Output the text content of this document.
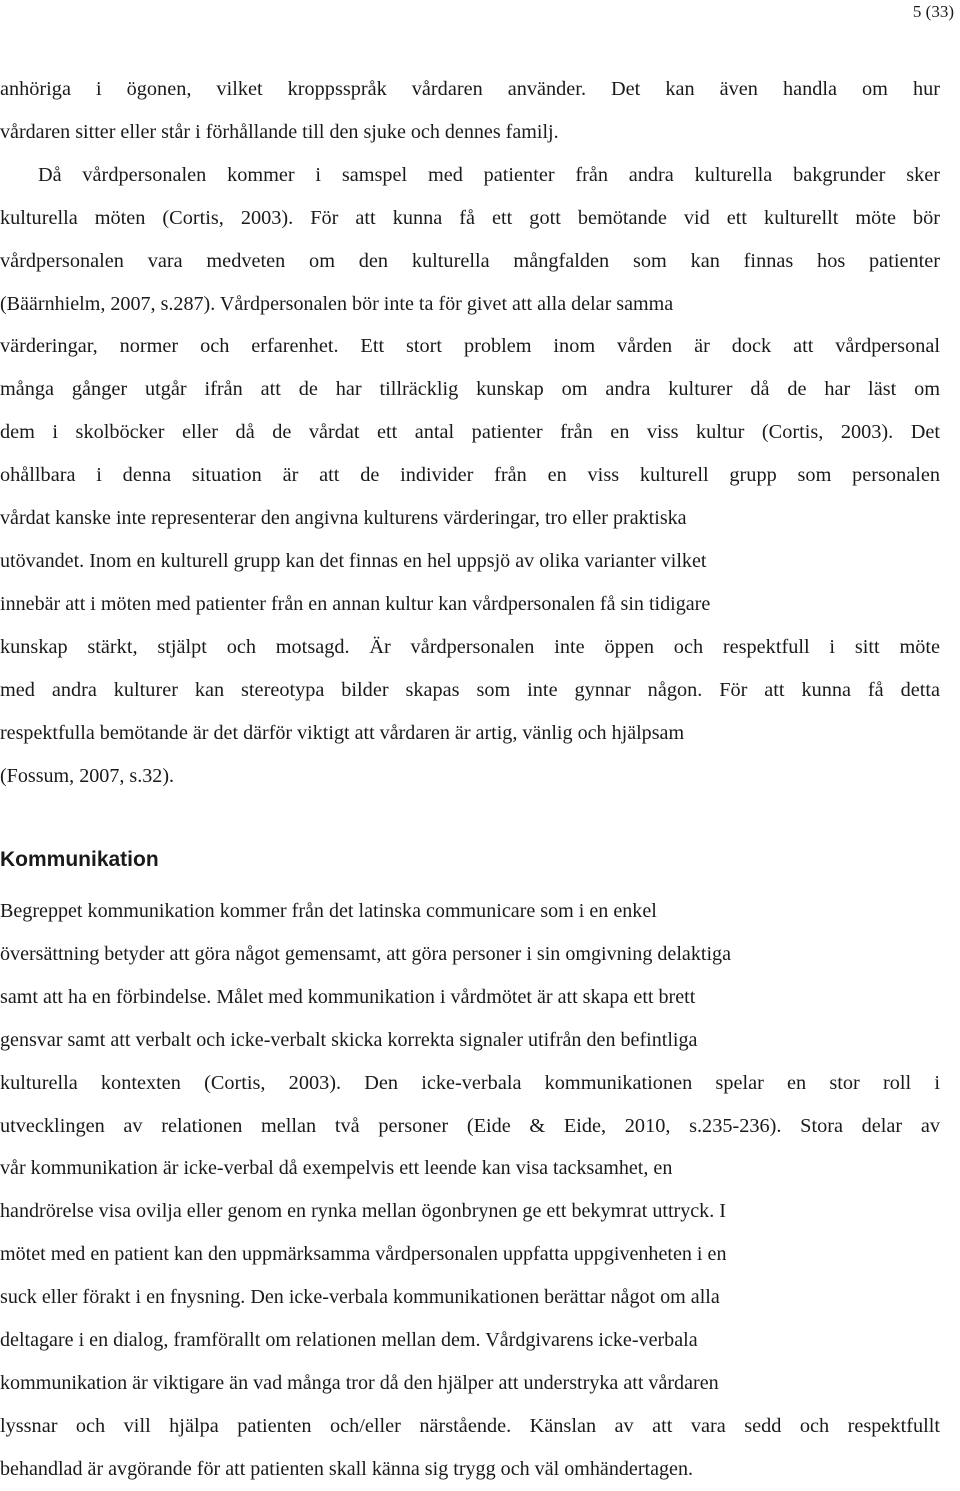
5 (33)
anhöriga i ögonen, vilket kroppsspråk vårdaren använder. Det kan även handla om hur
vårdaren sitter eller står i förhållande till den sjuke och dennes familj.
Då vårdpersonalen kommer i samspel med patienter från andra kulturella bakgrunder sker
kulturella möten (Cortis, 2003). För att kunna få ett gott bemötande vid ett kulturellt möte bör
vårdpersonalen vara medveten om den kulturella mångfalden som kan finnas hos patienter
(Bäärnhielm, 2007, s.287). Vårdpersonalen bör inte ta för givet att alla delar samma
värderingar, normer och erfarenhet. Ett stort problem inom vården är dock att vårdpersonal
många gånger utgår ifrån att de har tillräcklig kunskap om andra kulturer då de har läst om
dem i skolböcker eller då de vårdat ett antal patienter från en viss kultur (Cortis, 2003). Det
ohållbara i denna situation är att de individer från en viss kulturell grupp som personalen
vårdat kanske inte representerar den angivna kulturens värderingar, tro eller praktiska
utövandet. Inom en kulturell grupp kan det finnas en hel uppsjö av olika varianter vilket
innebär att i möten med patienter från en annan kultur kan vårdpersonalen få sin tidigare
kunskap stärkt, stjälpt och motsagd. Är vårdpersonalen inte öppen och respektfull i sitt möte
med andra kulturer kan stereotypa bilder skapas som inte gynnar någon. För att kunna få detta
respektfulla bemötande är det därför viktigt att vårdaren är artig, vänlig och hjälpsam
(Fossum, 2007, s.32).
Kommunikation
Begreppet kommunikation kommer från det latinska communicare som i en enkel
översättning betyder att göra något gemensamt, att göra personer i sin omgivning delaktiga
samt att ha en förbindelse. Målet med kommunikation i vårdmötet är att skapa ett brett
gensvar samt att verbalt och icke-verbalt skicka korrekta signaler utifrån den befintliga
kulturella kontexten (Cortis, 2003). Den icke-verbala kommunikationen spelar en stor roll i
utvecklingen av relationen mellan två personer (Eide & Eide, 2010, s.235-236). Stora delar av
vår kommunikation är icke-verbal då exempelvis ett leende kan visa tacksamhet, en
handrörelse visa ovilja eller genom en rynka mellan ögonbrynen ge ett bekymrat uttryck. I
mötet med en patient kan den uppmärksamma vårdpersonalen uppfatta uppgivenheten i en
suck eller förakt i en fnysning. Den icke-verbala kommunikationen berättar något om alla
deltagare i en dialog, framförallt om relationen mellan dem. Vårdgivarens icke-verbala
kommunikation är viktigare än vad många tror då den hjälper att understryka att vårdaren
lyssnar och vill hjälpa patienten och/eller närstående. Känslan av att vara sedd och respektfullt
behandlad är avgörande för att patienten skall känna sig trygg och väl omhändertagen.
